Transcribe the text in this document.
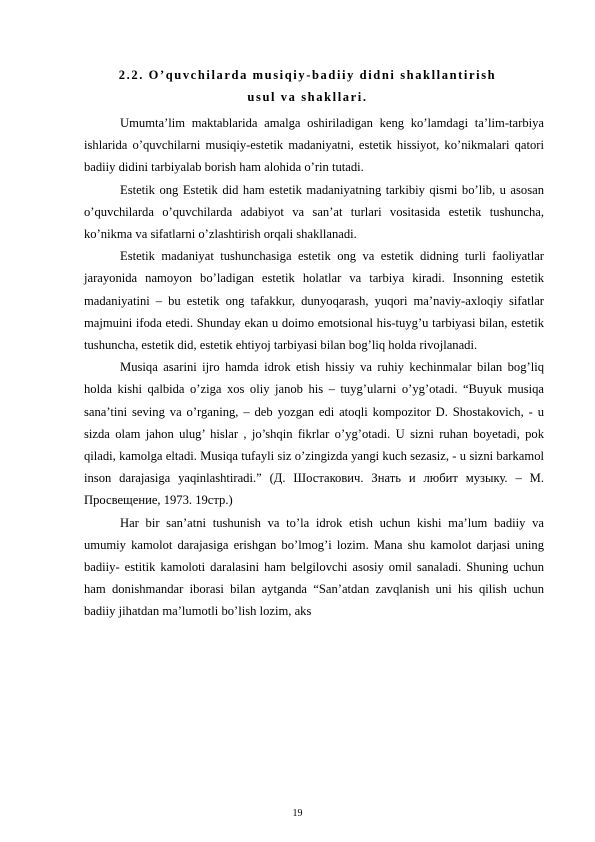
2.2. O’quvchilarda musiqiy-badiiy didni shakllantirish usul va shakllari.

Umumta’lim maktablarida amalga oshiriladigan keng ko’lamdagi ta’lim-tarbiya ishlarida o’quvchilarni musiqiy-estetik madaniyatni, estetik hissiyot, ko’nikmalari qatori badiiy didini tarbiyalab borish ham alohida o’rin tutadi.

Estetik ong Estetik did ham estetik madaniyatning tarkibiy qismi bo’lib, u asosan o’quvchilarda o’quvchilarda adabiyot va san’at turlari vositasida estetik tushuncha, ko’nikma va sifatlarni o’zlashtirish orqali shakllanadi.

Estetik madaniyat tushunchasiga estetik ong va estetik didning turli faoliyatlar jarayonida namoyon bo’ladigan estetik holatlar va tarbiya kiradi. Insonning estetik madaniyatini – bu estetik ong tafakkur, dunyoqarash, yuqori ma’naviy-axloqiy sifatlar majmuini ifoda etedi. Shunday ekan u doimo emotsional his-tuyg’u tarbiyasi bilan, estetik tushuncha, estetik did, estetik ehtiyoj tarbiyasi bilan bog’liq holda rivojlanadi.

Musiqa asarini ijro hamda idrok etish hissiy va ruhiy kechinmalar bilan bog’liq holda kishi qalbida o’ziga xos oliy janob his – tuyg’ularni o’yg’otadi. “Buyuk musiqa sana’tini seving va o’rganing, – deb yozgan edi atoqli kompozitor D. Shostakovich, - u sizda olam jahon ulug’ hislar , jo’shqin fikrlar o’yg’otadi. U sizni ruhan boyetadi, pok qiladi, kamolga eltadi. Musiqa tufayli siz o’zingizda yangi kuch sezasiz, - u sizni barkamol inson darajasiga yaqinlashtiradi.” (Д. Шостакович. Знать и любит музыку. – М. Просвещение, 1973. 19стр.)

Har bir san’atni tushunish va to’la idrok etish uchun kishi ma’lum badiiy va umumiy kamolot darajasiga erishgan bo’lmog’i lozim. Mana shu kamolot darjasi uning badiiy- estitik kamoloti daralasini ham belgilovchi asosiy omil sanaladi. Shuning uchun ham donishmandar iborasi bilan aytganda “San’atdan zavqlanish uni his qilish uchun badiiy jihatdan ma’lumotli bo’lish lozim, aks

19
